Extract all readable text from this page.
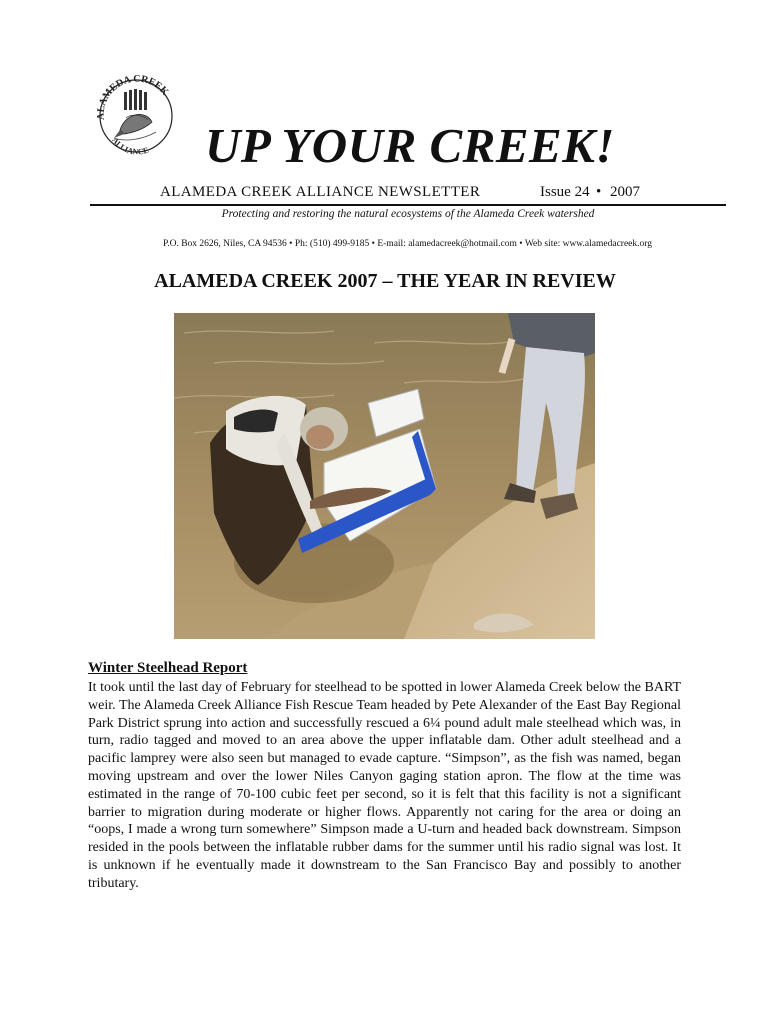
ALAMEDA CREEK
ALLIANCE UP YOUR CREEK!
ALAMEDA CREEK ALLIANCE NEWSLETTER	Issue 24 • 2007
Protecting and restoring the natural ecosystems of the Alameda Creek watershed
P.O. Box 2626, Niles, CA 94536 • Ph: (510) 499-9185 • E-mail: alamedacreek@hotmail.com • Web site: www.alamedacreek.org
ALAMEDA CREEK 2007 – THE YEAR IN REVIEW
Winter Steelhead Report
It took until the last day of February for steelhead to be spotted in lower Alameda Creek below the BART weir. The Alameda Creek Alliance Fish Rescue Team headed by Pete Alexander of the East Bay Regional Park District sprung into action and successfully rescued a 6¼ pound adult male steelhead which was, in turn, radio tagged and moved to an area above the upper inflatable dam. Other adult steelhead and a pacific lamprey were also seen but managed to evade capture. “Simpson”, as the fish was named, began moving upstream and over the lower Niles Canyon gaging station apron. The flow at the time was estimated in the range of 70-100 cubic feet per second, so it is felt that this facility is not a significant barrier to migration during moderate or higher flows. Apparently not caring for the area or doing an “oops, I made a wrong turn somewhere” Simpson made a U-turn and headed back downstream. Simpson resided in the pools between the inflatable rubber dams for the summer until his radio signal was lost. It is unknown if he eventually made it downstream to the San Francisco Bay and possibly to another tributary.
